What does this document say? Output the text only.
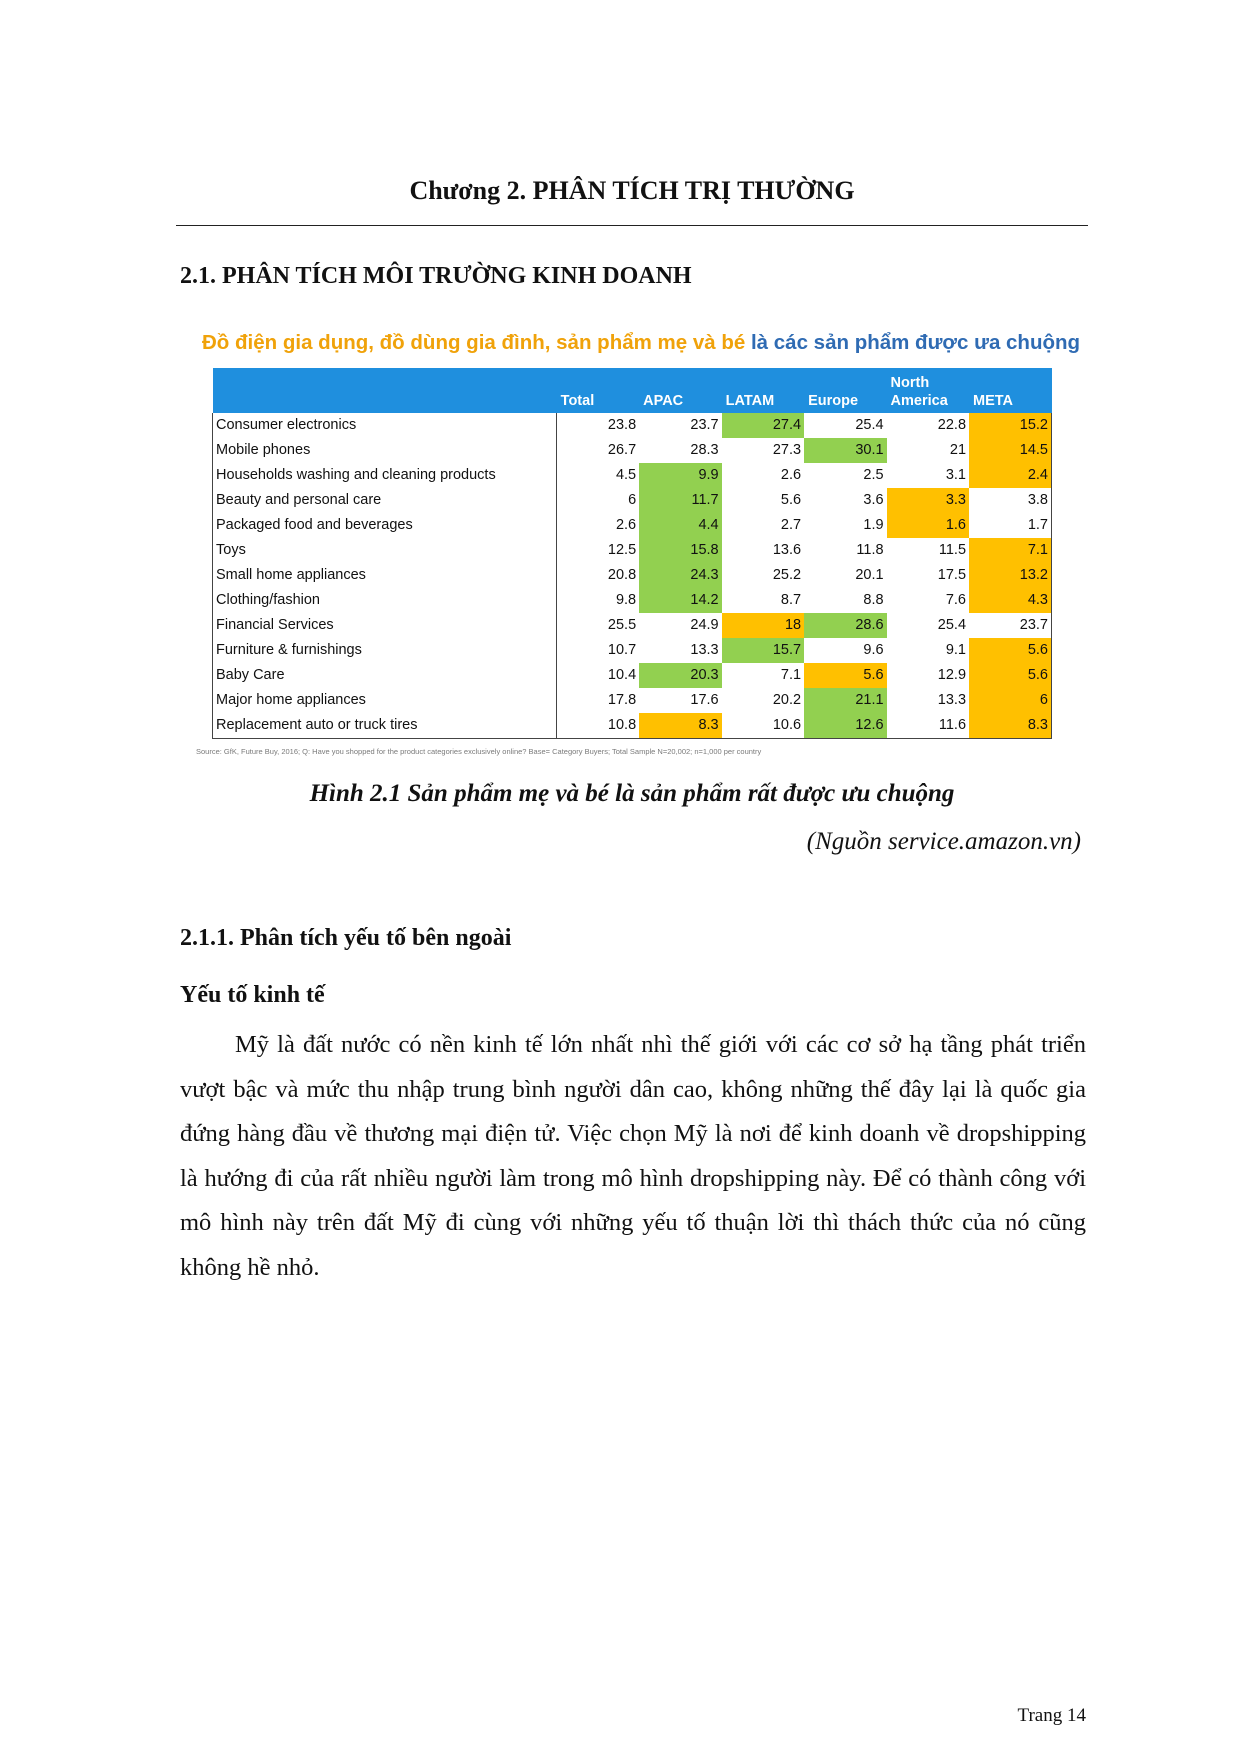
Chương 2. PHÂN TÍCH TRỊ THƯỜNG
2.1. PHÂN TÍCH MÔI TRƯỜNG KINH DOANH
Đồ điện gia dụng, đồ dùng gia đình, sản phẩm mẹ và bé là các sản phẩm được ưa chuộng
	Total	APAC	LATAM	Europe	North America	META
Consumer electronics	23.8	23.7	27.4	25.4	22.8	15.2
Mobile phones	26.7	28.3	27.3	30.1	21	14.5
Households washing and cleaning products	4.5	9.9	2.6	2.5	3.1	2.4
Beauty and personal care	6	11.7	5.6	3.6	3.3	3.8
Packaged food and beverages	2.6	4.4	2.7	1.9	1.6	1.7
Toys	12.5	15.8	13.6	11.8	11.5	7.1
Small home appliances	20.8	24.3	25.2	20.1	17.5	13.2
Clothing/fashion	9.8	14.2	8.7	8.8	7.6	4.3
Financial Services	25.5	24.9	18	28.6	25.4	23.7
Furniture & furnishings	10.7	13.3	15.7	9.6	9.1	5.6
Baby Care	10.4	20.3	7.1	5.6	12.9	5.6
Major home appliances	17.8	17.6	20.2	21.1	13.3	6
Replacement auto or truck tires	10.8	8.3	10.6	12.6	11.6	8.3
Source: GfK, Future Buy, 2016; Q: Have you shopped for the product categories exclusively online? Base= Category Buyers; Total Sample N=20,002; n=1,000 per country

Hình 2.1 Sản phẩm mẹ và bé là sản phẩm rất được ưu chuộng

(Nguồn service.amazon.vn)

2.1.1. Phân tích yếu tố bên ngoài
Yếu tố kinh tế

Mỹ là đất nước có nền kinh tế lớn nhất nhì thế giới với các cơ sở hạ tầng phát triển vượt bậc và mức thu nhập trung bình người dân cao, không những thế đây lại là quốc gia đứng hàng đầu về thương mại điện tử. Việc chọn Mỹ là nơi để kinh doanh về dropshipping là hướng đi của rất nhiều người làm trong mô hình dropshipping này. Để có thành công với mô hình này trên đất Mỹ đi cùng với những yếu tố thuận lời thì thách thức của nó cũng không hề nhỏ.

Trang 14
